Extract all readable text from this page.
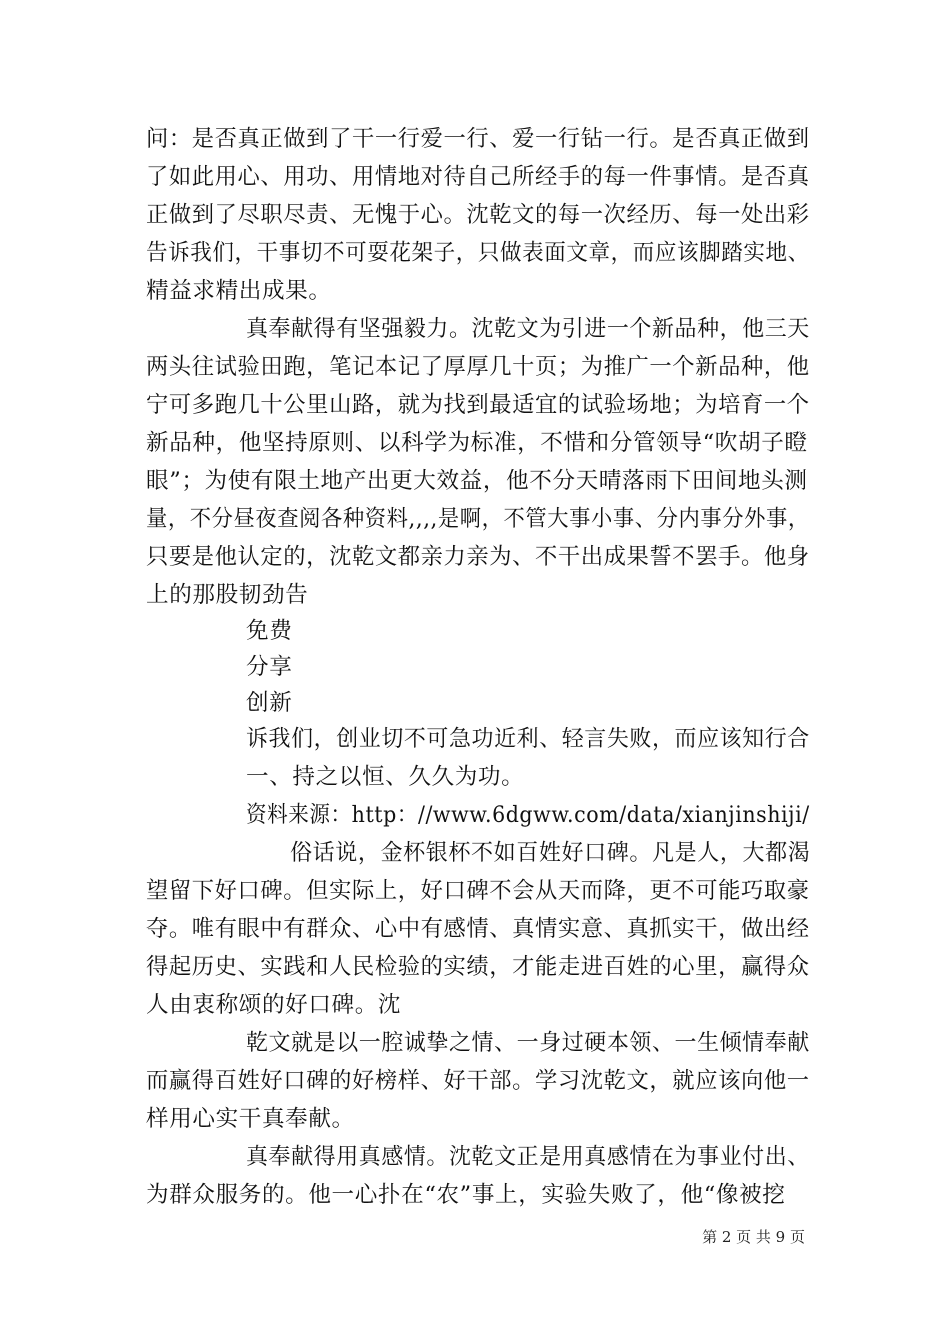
问：是否真正做到了干一行爱一行、爱一行钻一行。是否真正做到
了如此用心、用功、用情地对待自己所经手的每一件事情。是否真
正做到了尽职尽责、无愧于心。沈乾文的每一次经历、每一处出彩
告诉我们，干事切不可耍花架子，只做表面文章，而应该脚踏实地、
精益求精出成果。
真奉献得有坚强毅力。沈乾文为引进一个新品种，他三天
两头往试验田跑，笔记本记了厚厚几十页；为推广一个新品种，他
宁可多跑几十公里山路，就为找到最适宜的试验场地；为培育一个
新品种，他坚持原则、以科学为标准，不惜和分管领导“吹胡子瞪
眼”；为使有限土地产出更大效益，他不分天晴落雨下田间地头测
量，不分昼夜查阅各种资料,,,,是啊，不管大事小事、分内事分外事，
只要是他认定的，沈乾文都亲力亲为、不干出成果誓不罢手。他身
上的那股韧劲告
免费
分享
创新
诉我们，创业切不可急功近利、轻言失败，而应该知行合
一、持之以恒、久久为功。
资料来源：http：//www.6dgww.com/data/xianjinshiji/
俗话说，金杯银杯不如百姓好口碑。凡是人，大都渴
望留下好口碑。但实际上，好口碑不会从天而降，更不可能巧取豪
夺。唯有眼中有群众、心中有感情、真情实意、真抓实干，做出经
得起历史、实践和人民检验的实绩，才能走进百姓的心里，赢得众
人由衷称颂的好口碑。沈
乾文就是以一腔诚挚之情、一身过硬本领、一生倾情奉献
而赢得百姓好口碑的好榜样、好干部。学习沈乾文，就应该向他一
样用心实干真奉献。
真奉献得用真感情。沈乾文正是用真感情在为事业付出、
为群众服务的。他一心扑在“农”事上，实验失败了，他“像被挖
第 2 页 共 9 页
